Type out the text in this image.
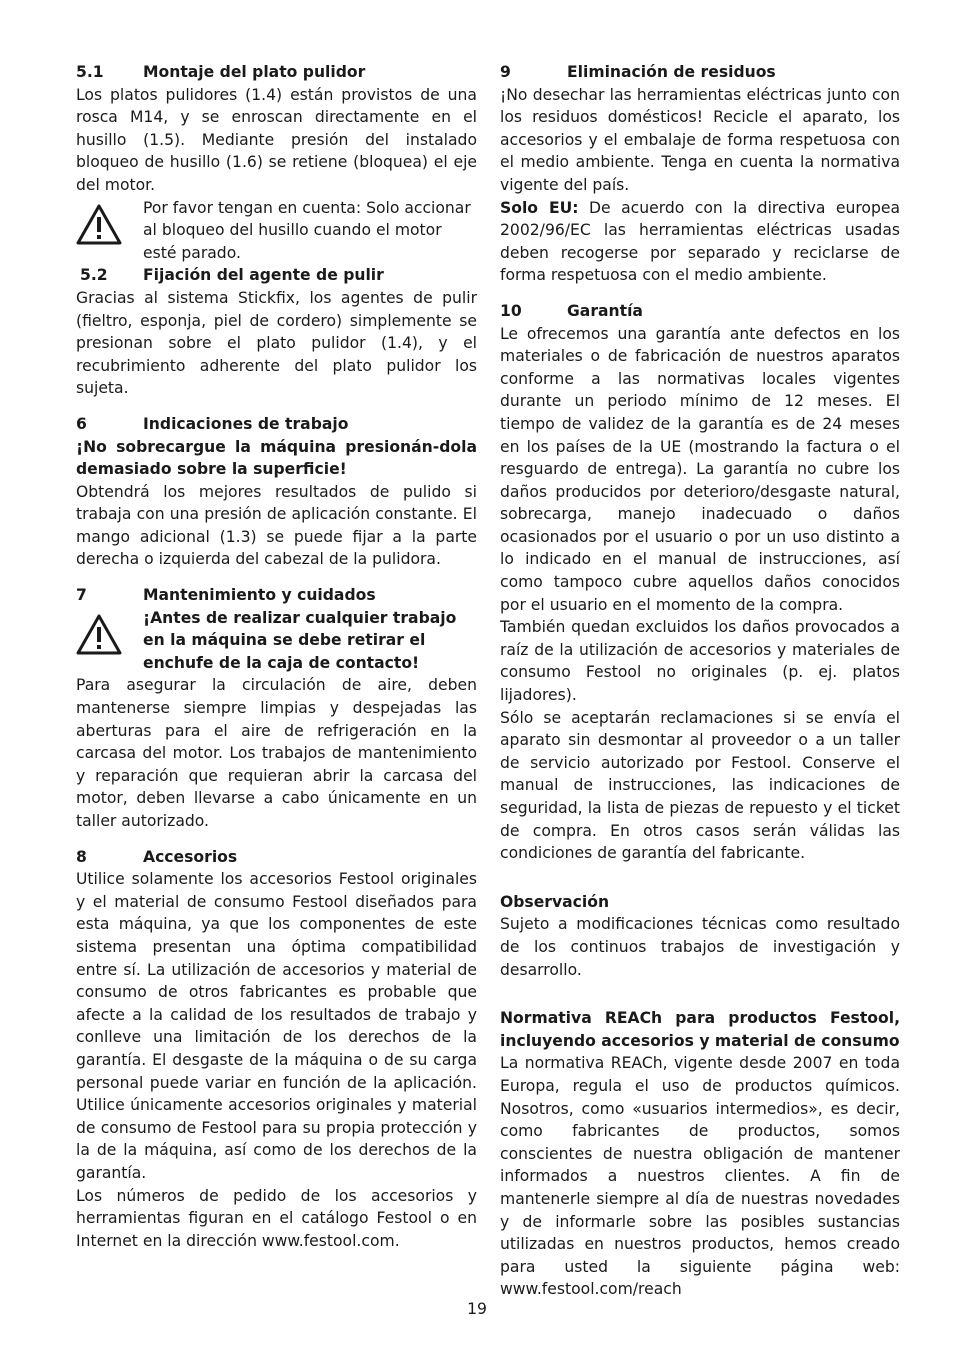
5.1	Montaje del plato pulidor

Los platos pulidores (1.4) están provistos de una rosca M14, y se enroscan directamente en el husillo (1.5). Mediante presión del instalado bloqueo de husillo (1.6) se retiene (bloquea) el eje del motor.

Por favor tengan en cuenta: Solo accionar al bloqueo del husillo cuando el motor esté parado.

5.2	Fijación del agente de pulir

Gracias al sistema Stickfix, los agentes de pulir (fieltro, esponja, piel de cordero) simplemente se presionan sobre el plato pulidor (1.4), y el recubrimiento adherente del plato pulidor los sujeta.

6	Indicaciones de trabajo

¡No sobrecargue la máquina presionán-dola demasiado sobre la superficie!

Obtendrá los mejores resultados de pulido si trabaja con una presión de aplicación constante. El mango adicional (1.3) se puede fijar a la parte derecha o izquierda del cabezal de la pulidora.

7	Mantenimiento y cuidados

¡Antes de realizar cualquier trabajo en la máquina se debe retirar el enchufe de la caja de contacto!

Para asegurar la circulación de aire, deben mantenerse siempre limpias y despejadas las aberturas para el aire de refrigeración en la carcasa del motor. Los trabajos de mantenimiento y reparación que requieran abrir la carcasa del motor, deben llevarse a cabo únicamente en un taller autorizado.

8	Accesorios

Utilice solamente los accesorios Festool originales y el material de consumo Festool diseñados para esta máquina, ya que los componentes de este sistema presentan una óptima compatibilidad entre sí. La utilización de accesorios y material de consumo de otros fabricantes es probable que afecte a la calidad de los resultados de trabajo y conlleve una limitación de los derechos de la garantía. El desgaste de la máquina o de su carga personal puede variar en función de la aplicación. Utilice únicamente accesorios originales y material de consumo de Festool para su propia protección y la de la máquina, así como de los derechos de la garantía.

Los números de pedido de los accesorios y herramientas figuran en el catálogo Festool o en Internet en la dirección www.festool.com.

9	Eliminación de residuos

¡No desechar las herramientas eléctricas junto con los residuos domésticos! Recicle el aparato, los accesorios y el embalaje de forma respetuosa con el medio ambiente. Tenga en cuenta la normativa vigente del país.

Solo EU: De acuerdo con la directiva europea 2002/96/EC las herramientas eléctricas usadas deben recogerse por separado y reciclarse de forma respetuosa con el medio ambiente.

10	Garantía

Le ofrecemos una garantía ante defectos en los materiales o de fabricación de nuestros aparatos conforme a las normativas locales vigentes durante un periodo mínimo de 12 meses. El tiempo de validez de la garantía es de 24 meses en los países de la UE (mostrando la factura o el resguardo de entrega). La garantía no cubre los daños producidos por deterioro/desgaste natural, sobrecarga, manejo inadecuado o daños ocasionados por el usuario o por un uso distinto a lo indicado en el manual de instrucciones, así como tampoco cubre aquellos daños conocidos por el usuario en el momento de la compra.

También quedan excluidos los daños provocados a raíz de la utilización de accesorios y materiales de consumo Festool no originales (p. ej. platos lijadores).

Sólo se aceptarán reclamaciones si se envía el aparato sin desmontar al proveedor o a un taller de servicio autorizado por Festool. Conserve el manual de instrucciones, las indicaciones de seguridad, la lista de piezas de repuesto y el ticket de compra. En otros casos serán válidas las condiciones de garantía del fabricante.

Observación

Sujeto a modificaciones técnicas como resultado de los continuos trabajos de investigación y desarrollo.

Normativa REACh para productos Festool, incluyendo accesorios y material de consumo

La normativa REACh, vigente desde 2007 en toda Europa, regula el uso de productos químicos. Nosotros, como «usuarios intermedios», es decir, como fabricantes de productos, somos conscientes de nuestra obligación de mantener informados a nuestros clientes. A fin de mantenerle siempre al día de nuestras novedades y de informarle sobre las posibles sustancias utilizadas en nuestros productos, hemos creado para usted la siguiente página web: www.festool.com/reach

19
